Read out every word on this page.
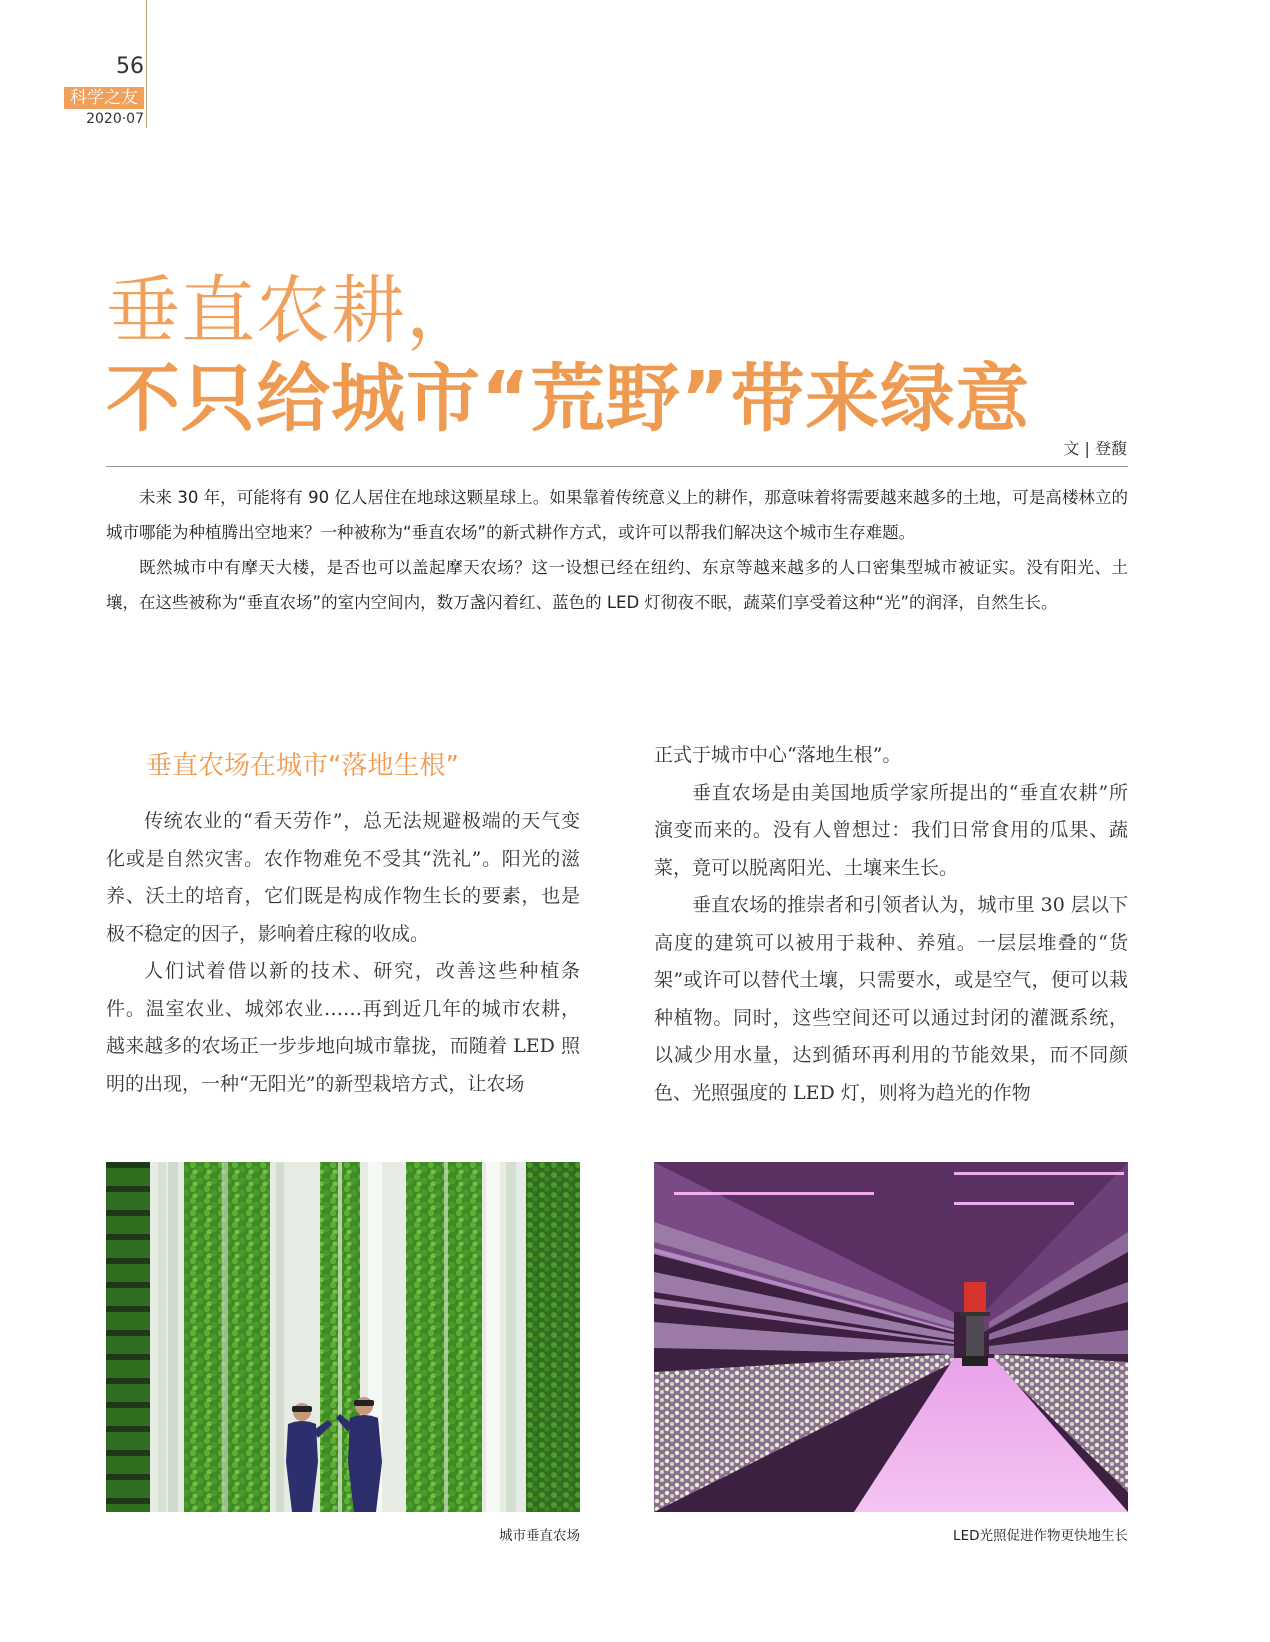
56
科学之友
2020·07
垂直农耕，
不只给城市“荒野”带来绿意
文 | 登馥

未来 30 年，可能将有 90 亿人居住在地球这颗星球上。如果靠着传统意义上的耕作，那意味着将需要越来越多的土地，可是高楼林立的城市哪能为种植腾出空地来？一种被称为“垂直农场”的新式耕作方式，或许可以帮我们解决这个城市生存难题。

既然城市中有摩天大楼，是否也可以盖起摩天农场？这一设想已经在纽约、东京等越来越多的人口密集型城市被证实。没有阳光、土壤，在这些被称为“垂直农场”的室内空间内，数万盏闪着红、蓝色的 LED 灯彻夜不眠，蔬菜们享受着这种“光”的润泽，自然生长。

垂直农场在城市“落地生根”

传统农业的“看天劳作”，总无法规避极端的天气变化或是自然灾害。农作物难免不受其“洗礼”。阳光的滋养、沃土的培育，它们既是构成作物生长的要素，也是极不稳定的因子，影响着庄稼的收成。

人们试着借以新的技术、研究，改善这些种植条件。温室农业、城郊农业……再到近几年的城市农耕，越来越多的农场正一步步地向城市靠拢，而随着 LED 照明的出现，一种“无阳光”的新型栽培方式，让农场

正式于城市中心“落地生根”。

垂直农场是由美国地质学家所提出的“垂直农耕”所演变而来的。没有人曾想过：我们日常食用的瓜果、蔬菜，竟可以脱离阳光、土壤来生长。

垂直农场的推崇者和引领者认为，城市里 30 层以下高度的建筑可以被用于栽种、养殖。一层层堆叠的“货架”或许可以替代土壤，只需要水，或是空气，便可以栽种植物。同时，这些空间还可以通过封闭的灌溉系统，以减少用水量，达到循环再利用的节能效果，而不同颜色、光照强度的 LED 灯，则将为趋光的作物

城市垂直农场	LED光照促进作物更快地生长
